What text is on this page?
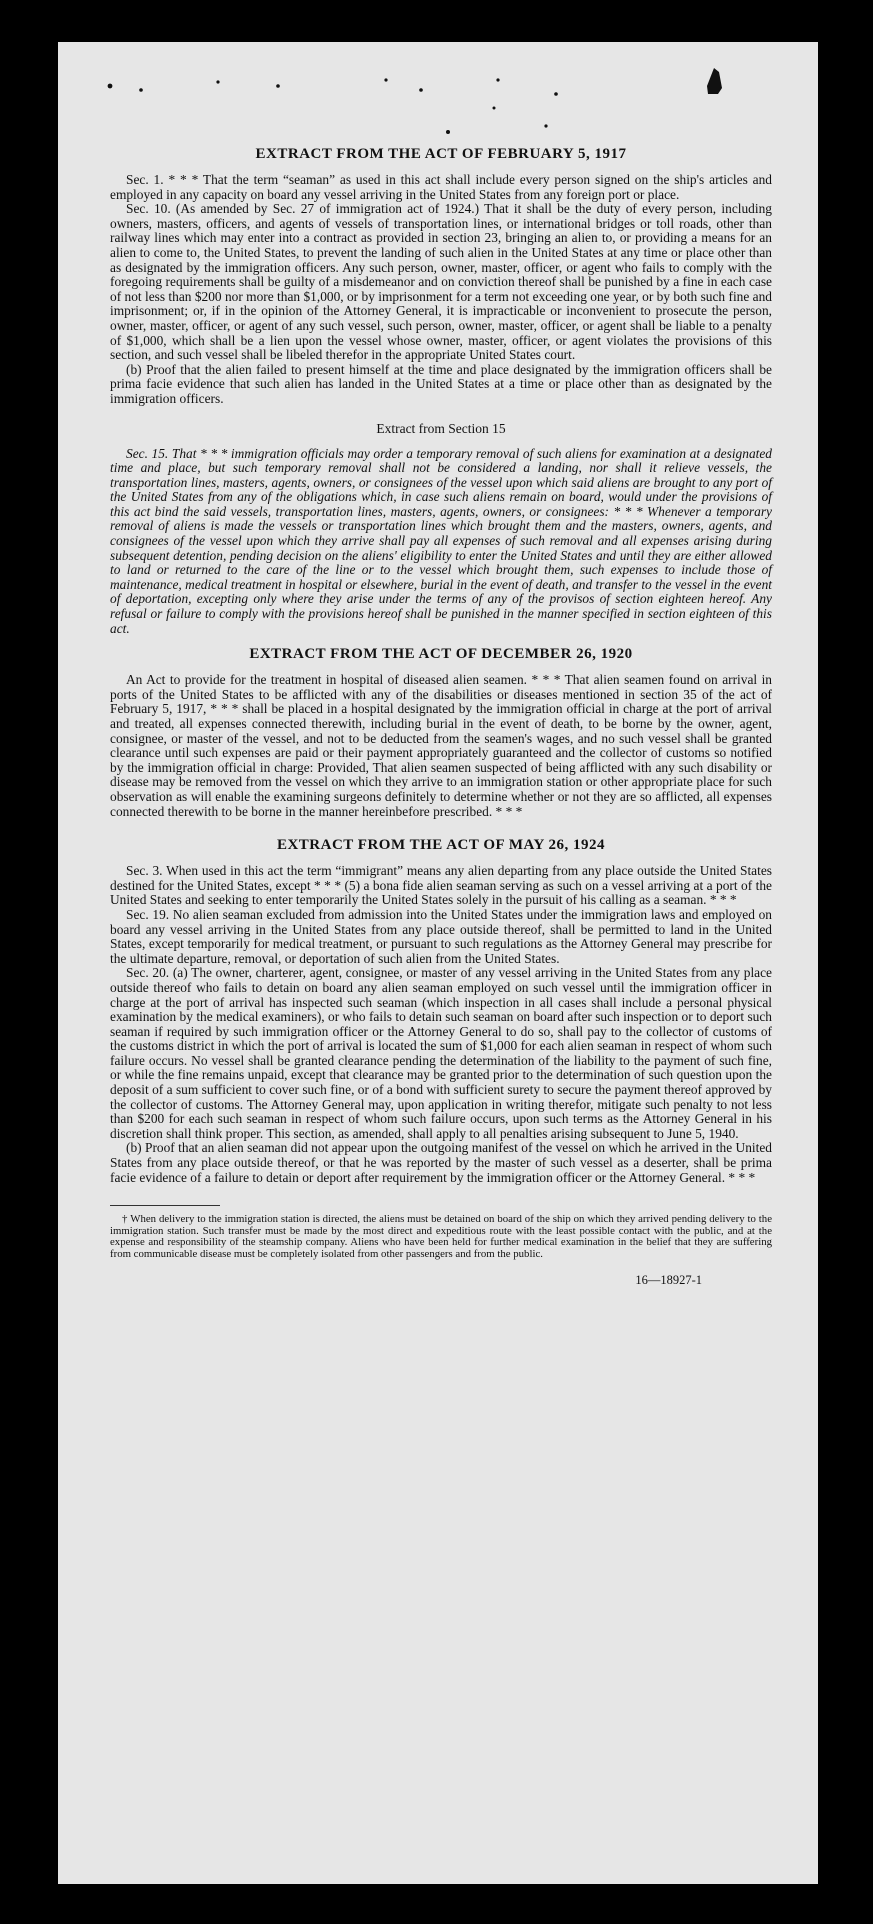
EXTRACT FROM THE ACT OF FEBRUARY 5, 1917

Sec. 1. * * * That the term “seaman” as used in this act shall include every person signed on the ship's articles and employed in any capacity on board any vessel arriving in the United States from any foreign port or place.

Sec. 10. (As amended by Sec. 27 of immigration act of 1924.) That it shall be the duty of every person, including owners, masters, officers, and agents of vessels of transportation lines, or international bridges or toll roads, other than railway lines which may enter into a contract as provided in section 23, bringing an alien to, or providing a means for an alien to come to, the United States, to prevent the landing of such alien in the United States at any time or place other than as designated by the immigration officers. Any such person, owner, master, officer, or agent who fails to comply with the foregoing requirements shall be guilty of a misdemeanor and on conviction thereof shall be punished by a fine in each case of not less than $200 nor more than $1,000, or by imprisonment for a term not exceeding one year, or by both such fine and imprisonment; or, if in the opinion of the Attorney General, it is impracticable or inconvenient to prosecute the person, owner, master, officer, or agent of any such vessel, such person, owner, master, officer, or agent shall be liable to a penalty of $1,000, which shall be a lien upon the vessel whose owner, master, officer, or agent violates the provisions of this section, and such vessel shall be libeled therefor in the appropriate United States court.

(b) Proof that the alien failed to present himself at the time and place designated by the immigration officers shall be prima facie evidence that such alien has landed in the United States at a time or place other than as designated by the immigration officers.

Extract from Section 15

Sec. 15. That * * * immigration officials may order a temporary removal of such aliens for examination at a designated time and place, but such temporary removal shall not be considered a landing, nor shall it relieve vessels, the transportation lines, masters, agents, owners, or consignees of the vessel upon which said aliens are brought to any port of the United States from any of the obligations which, in case such aliens remain on board, would under the provisions of this act bind the said vessels, transportation lines, masters, agents, owners, or consignees: * * * Whenever a temporary removal of aliens is made the vessels or transportation lines which brought them and the masters, owners, agents, and consignees of the vessel upon which they arrive shall pay all expenses of such removal and all expenses arising during subsequent detention, pending decision on the aliens' eligibility to enter the United States and until they are either allowed to land or returned to the care of the line or to the vessel which brought them, such expenses to include those of maintenance, medical treatment in hospital or elsewhere, burial in the event of death, and transfer to the vessel in the event of deportation, excepting only where they arise under the terms of any of the provisos of section eighteen hereof. Any refusal or failure to comply with the provisions hereof shall be punished in the manner specified in section eighteen of this act.

EXTRACT FROM THE ACT OF DECEMBER 26, 1920

An Act to provide for the treatment in hospital of diseased alien seamen. * * * That alien seamen found on arrival in ports of the United States to be afflicted with any of the disabilities or diseases mentioned in section 35 of the act of February 5, 1917, * * * shall be placed in a hospital designated by the immigration official in charge at the port of arrival and treated, all expenses connected therewith, including burial in the event of death, to be borne by the owner, agent, consignee, or master of the vessel, and not to be deducted from the seamen's wages, and no such vessel shall be granted clearance until such expenses are paid or their payment appropriately guaranteed and the collector of customs so notified by the immigration official in charge: Provided, That alien seamen suspected of being afflicted with any such disability or disease may be removed from the vessel on which they arrive to an immigration station or other appropriate place for such observation as will enable the examining surgeons definitely to determine whether or not they are so afflicted, all expenses connected therewith to be borne in the manner hereinbefore prescribed. * * *

EXTRACT FROM THE ACT OF MAY 26, 1924

Sec. 3. When used in this act the term “immigrant” means any alien departing from any place outside the United States destined for the United States, except * * * (5) a bona fide alien seaman serving as such on a vessel arriving at a port of the United States and seeking to enter temporarily the United States solely in the pursuit of his calling as a seaman. * * *

Sec. 19. No alien seaman excluded from admission into the United States under the immigration laws and employed on board any vessel arriving in the United States from any place outside thereof, shall be permitted to land in the United States, except temporarily for medical treatment, or pursuant to such regulations as the Attorney General may prescribe for the ultimate departure, removal, or deportation of such alien from the United States.

Sec. 20. (a) The owner, charterer, agent, consignee, or master of any vessel arriving in the United States from any place outside thereof who fails to detain on board any alien seaman employed on such vessel until the immigration officer in charge at the port of arrival has inspected such seaman (which inspection in all cases shall include a personal physical examination by the medical examiners), or who fails to detain such seaman on board after such inspection or to deport such seaman if required by such immigration officer or the Attorney General to do so, shall pay to the collector of customs of the customs district in which the port of arrival is located the sum of $1,000 for each alien seaman in respect of whom such failure occurs. No vessel shall be granted clearance pending the determination of the liability to the payment of such fine, or while the fine remains unpaid, except that clearance may be granted prior to the determination of such question upon the deposit of a sum sufficient to cover such fine, or of a bond with sufficient surety to secure the payment thereof approved by the collector of customs. The Attorney General may, upon application in writing therefor, mitigate such penalty to not less than $200 for each such seaman in respect of whom such failure occurs, upon such terms as the Attorney General in his discretion shall think proper. This section, as amended, shall apply to all penalties arising subsequent to June 5, 1940.

(b) Proof that an alien seaman did not appear upon the outgoing manifest of the vessel on which he arrived in the United States from any place outside thereof, or that he was reported by the master of such vessel as a deserter, shall be prima facie evidence of a failure to detain or deport after requirement by the immigration officer or the Attorney General. * * *

† When delivery to the immigration station is directed, the aliens must be detained on board of the ship on which they arrived pending delivery to the immigration station. Such transfer must be made by the most direct and expeditious route with the least possible contact with the public, and at the expense and responsibility of the steamship company. Aliens who have been held for further medical examination in the belief that they are suffering from communicable disease must be completely isolated from other passengers and from the public.

16—18927-1
